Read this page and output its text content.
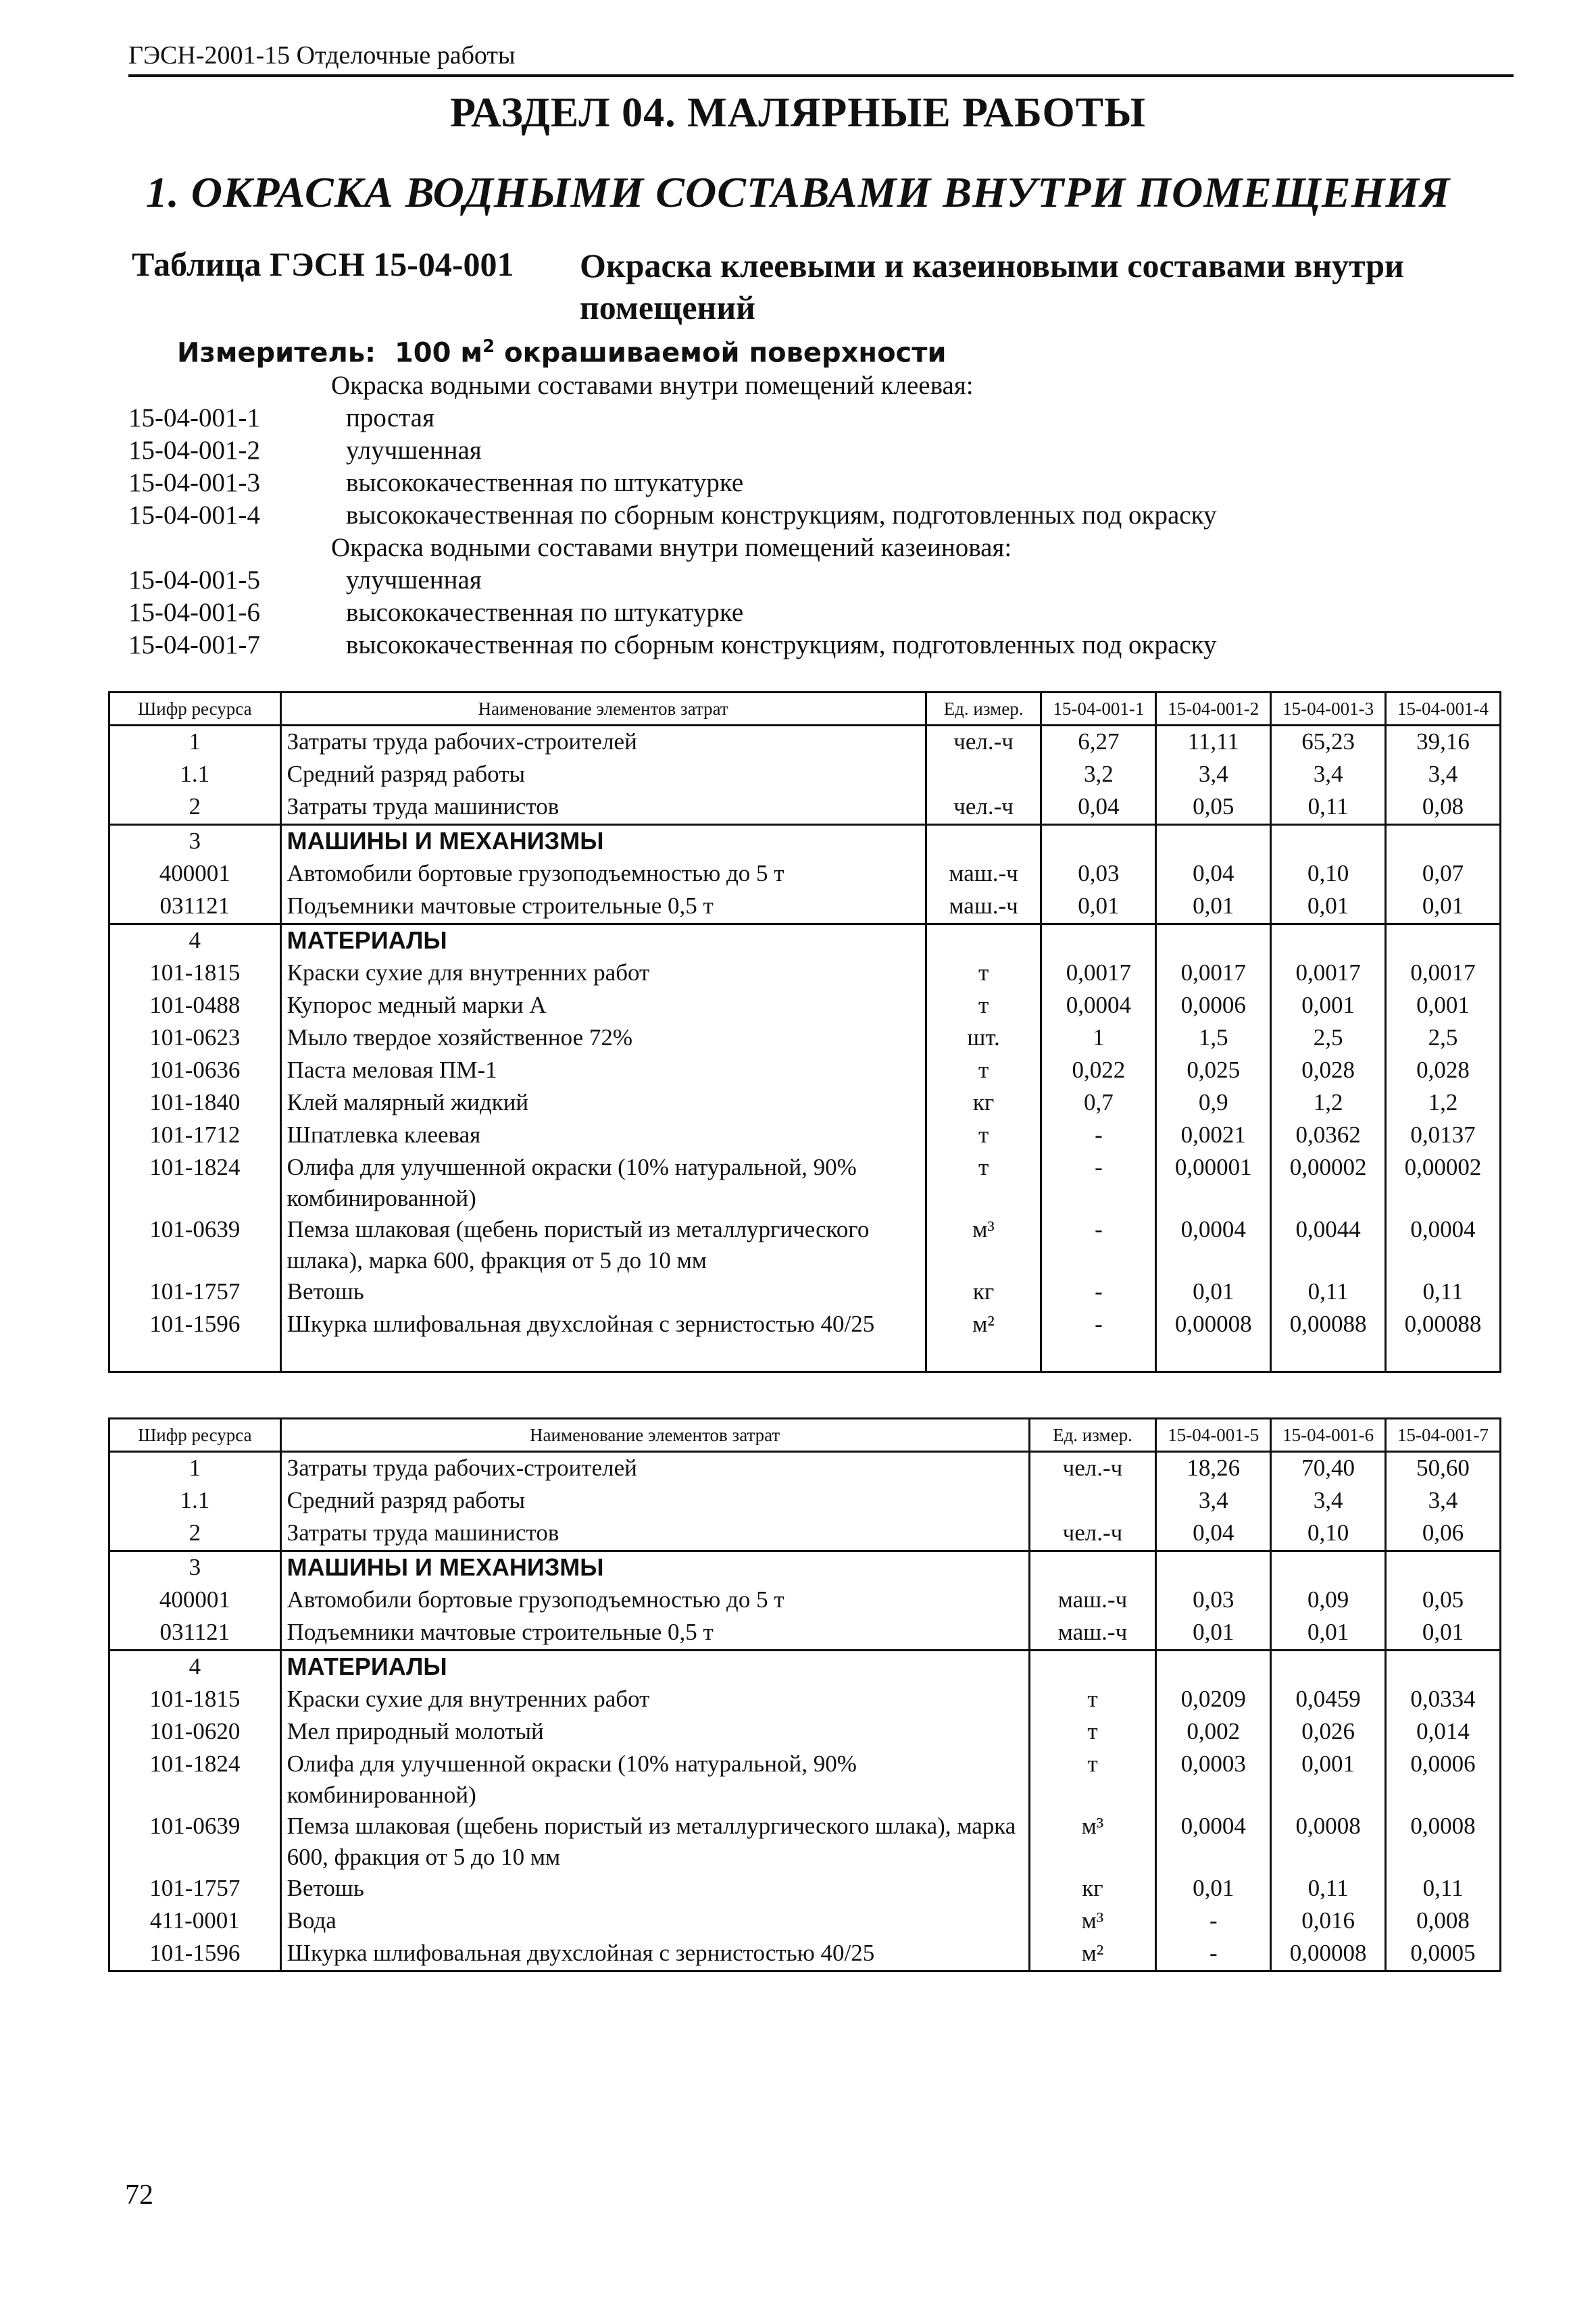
ГЭСН-2001-15 Отделочные работы
РАЗДЕЛ 04. МАЛЯРНЫЕ РАБОТЫ
1. ОКРАСКА ВОДНЫМИ СОСТАВАМИ ВНУТРИ ПОМЕЩЕНИЯ
Таблица ГЭСН 15-04-001 Окраска клеевыми и казеиновыми составами внутри помещений
Измеритель: 100 $м^2$ окрашиваемой поверхности
Окраска водными составами внутри помещений клеевая:
15-04-001-1	простая
15-04-001-2	улучшенная
15-04-001-3	высококачественная по штукатурке
15-04-001-4	высококачественная по сборным конструкциям, подготовленных под окраску
Окраска водными составами внутри помещений казеиновая:
15-04-001-5	улучшенная
15-04-001-6	высококачественная по штукатурке
15-04-001-7	высококачественная по сборным конструкциям, подготовленных под окраску
Шифр ресурса	Наименование элементов затрат	Ед. измер.	15-04-001-1	15-04-001-2	15-04-001-3	15-04-001-4
1	Затраты труда рабочих-строителей	чел.-ч	6,27	11,11	65,23	39,16
1.1	Средний разряд работы		3,2	3,4	3,4	3,4
2	Затраты труда машинистов	чел.-ч	0,04	0,05	0,11	0,08
3	МАШИНЫ И МЕХАНИЗМЫ					
400001	Автомобили бортовые грузоподъемностью до 5 т	маш.-ч	0,03	0,04	0,10	0,07
031121	Подъемники мачтовые строительные 0,5 т	маш.-ч	0,01	0,01	0,01	0,01
4	МАТЕРИАЛЫ					
101-1815	Краски сухие для внутренних работ	т	0,0017	0,0017	0,0017	0,0017
101-0488	Купорос медный марки А	т	0,0004	0,0006	0,001	0,001
101-0623	Мыло твердое хозяйственное 72%	шт.	1	1,5	2,5	2,5
101-0636	Паста меловая ПМ-1	т	0,022	0,025	0,028	0,028
101-1840	Клей малярный жидкий	кг	0,7	0,9	1,2	1,2
101-1712	Шпатлевка клеевая	т	-	0,0021	0,0362	0,0137
101-1824	Олифа для улучшенной окраски (10% натуральной, 90% комбинированной)	т	-	0,00001	0,00002	0,00002
101-0639	Пемза шлаковая (щебень пористый из металлургического шлака), марка 600, фракция от 5 до 10 мм	м³	-	0,0004	0,0044	0,0004
101-1757	Ветошь	кг	-	0,01	0,11	0,11
101-1596	Шкурка шлифовальная двухслойная с зернистостью 40/25	м²	-	0,00008	0,00088	0,00088
Шифр ресурса	Наименование элементов затрат	Ед. измер.	15-04-001-5	15-04-001-6	15-04-001-7
1	Затраты труда рабочих-строителей	чел.-ч	18,26	70,40	50,60
1.1	Средний разряд работы		3,4	3,4	3,4
2	Затраты труда машинистов	чел.-ч	0,04	0,10	0,06
3	МАШИНЫ И МЕХАНИЗМЫ				
400001	Автомобили бортовые грузоподъемностью до 5 т	маш.-ч	0,03	0,09	0,05
031121	Подъемники мачтовые строительные 0,5 т	маш.-ч	0,01	0,01	0,01
4	МАТЕРИАЛЫ				
101-1815	Краски сухие для внутренних работ	т	0,0209	0,0459	0,0334
101-0620	Мел природный молотый	т	0,002	0,026	0,014
101-1824	Олифа для улучшенной окраски (10% натуральной, 90% комбинированной)	т	0,0003	0,001	0,0006
101-0639	Пемза шлаковая (щебень пористый из металлургического шлака), марка 600, фракция от 5 до 10 мм	м³	0,0004	0,0008	0,0008
101-1757	Ветошь	кг	0,01	0,11	0,11
411-0001	Вода	м³	-	0,016	0,008
101-1596	Шкурка шлифовальная двухслойная с зернистостью 40/25	м²	-	0,00008	0,0005
72
